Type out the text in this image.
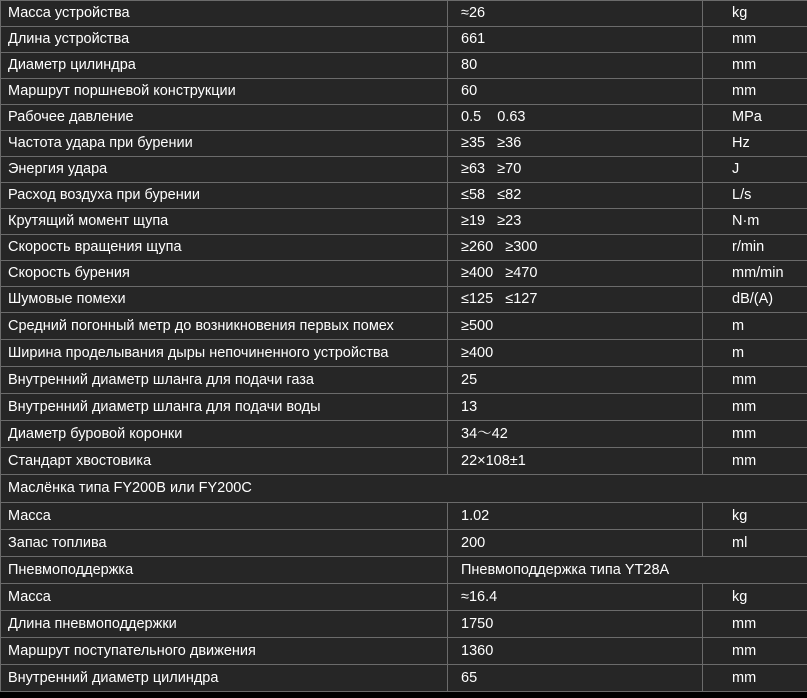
Масса устройства	≈26	kg
Длина устройства	661	mm
Диаметр цилиндра	80	mm
Маршрут поршневой конструкции	60	mm
Рабочее давление	0.5    0.63	MPa
Частота удара при бурении	≥35   ≥36	Hz
Энергия удара	≥63   ≥70	J
Расход воздуха при бурении	≤58   ≤82	L/s
Крутящий момент щупа	≥19   ≥23	N·m
Скорость вращения щупа	≥260   ≥300	r/min
Скорость бурения	≥400   ≥470	mm/min
Шумовые помехи	≤125   ≤127	dB/(A)
Средний погонный метр до возникновения первых помех	≥500	m
Ширина проделывания дыры непочиненного устройства	≥400	m
Внутренний диаметр шланга для подачи газа	25	mm
Внутренний диаметр шланга для подачи воды	13	mm
Диаметр буровой коронки	34～42	mm
Стандарт хвостовика	22×108±1	mm
Маслёнка типа FY200B или FY200C		
Масса	1.02	kg
Запас топлива	200	ml
Пневмоподдержка	Пневмоподдержка типа YT28A	
Масса	≈16.4	kg
Длина пневмоподдержки	1750	mm
Маршрут поступательного движения	1360	mm
Внутренний диаметр цилиндра	65	mm
